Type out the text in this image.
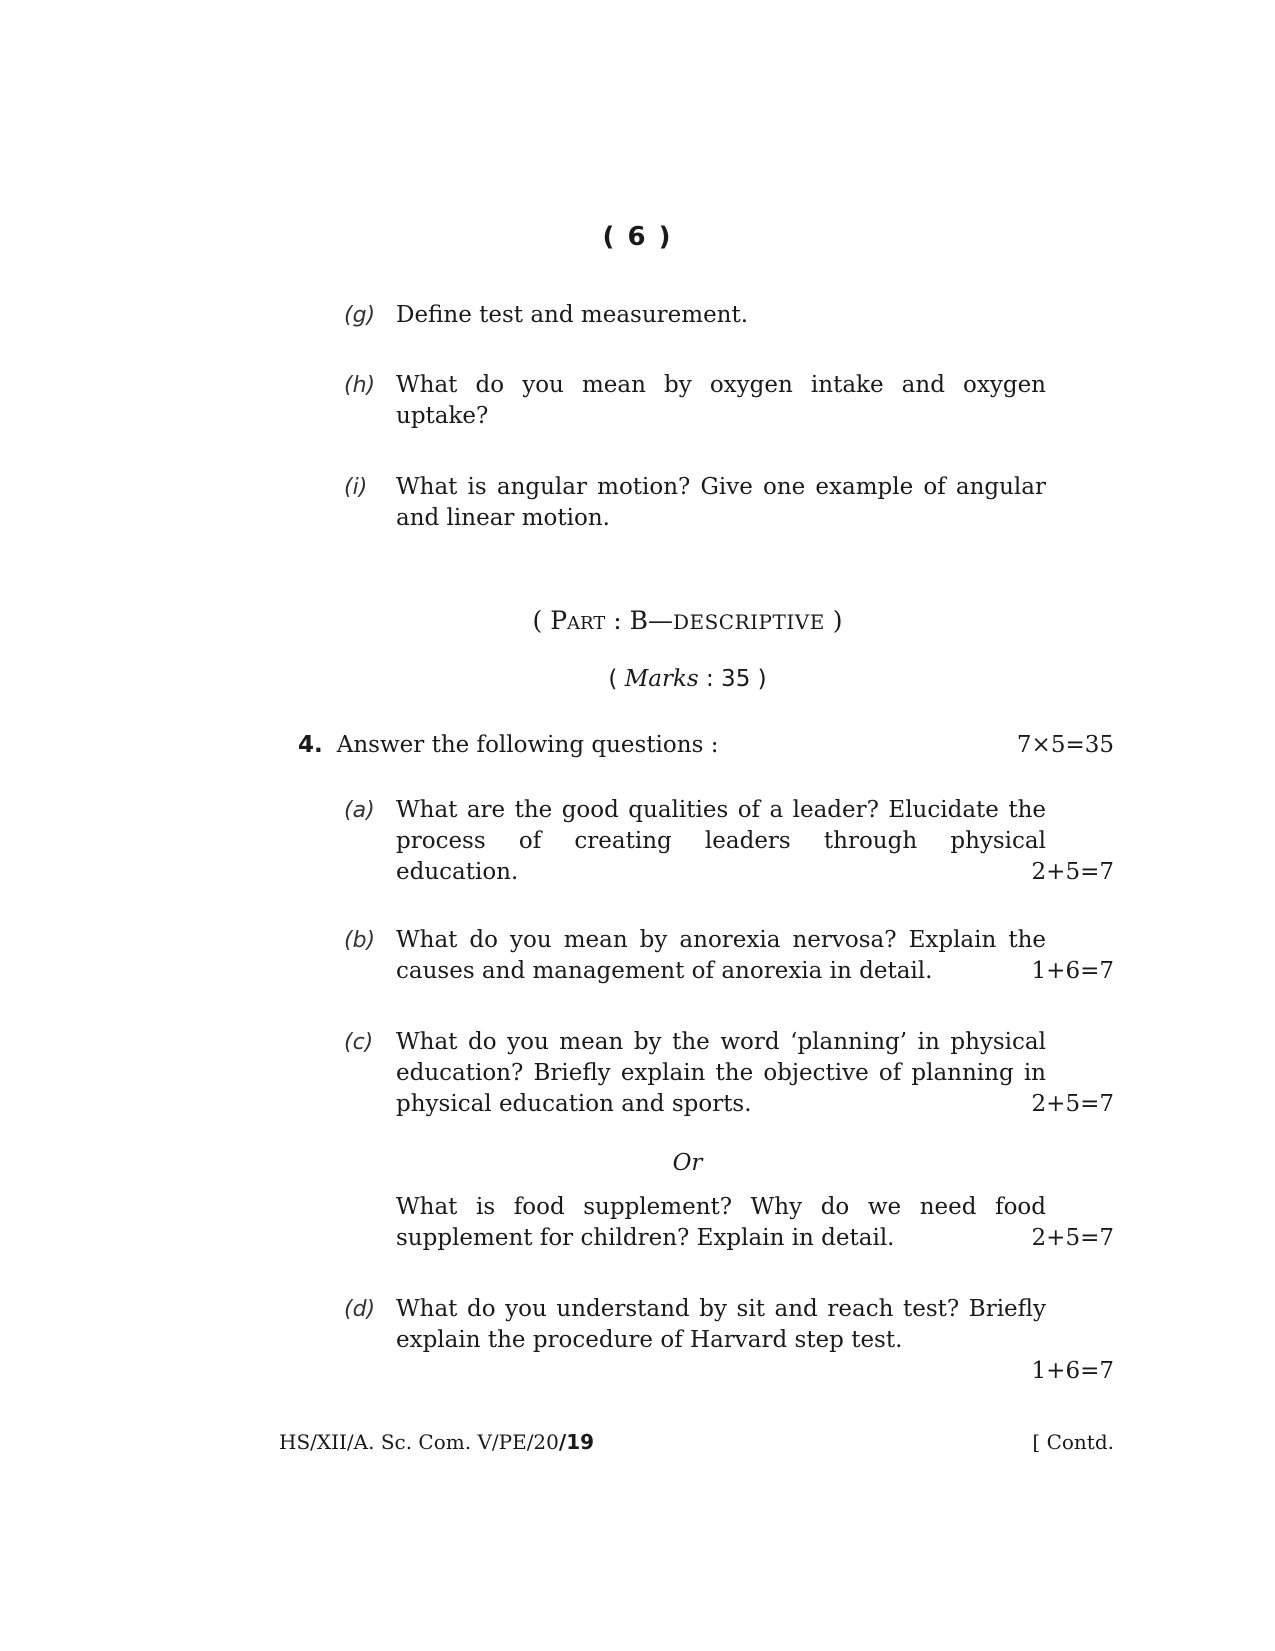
( 6 )
(g) Define test and measurement.
(h) What do you mean by oxygen intake and oxygen uptake?
(i) What is angular motion? Give one example of angular and linear motion.
( Part : B—DESCRIPTIVE )
( Marks : 35 )
4. Answer the following questions :	7×5=35
(a) What are the good qualities of a leader? Elucidate the process of creating leaders through physical education.	2+5=7
(b) What do you mean by anorexia nervosa? Explain the causes and management of anorexia in detail.	1+6=7
(c) What do you mean by the word ‘planning’ in physical education? Briefly explain the objective of planning in physical education and sports.	2+5=7
Or
What is food supplement? Why do we need food supplement for children? Explain in detail.	2+5=7
(d) What do you understand by sit and reach test? Briefly explain the procedure of Harvard step test.
1+6=7
HS/XII/A. Sc. Com. V/PE/20/19	[ Contd.
